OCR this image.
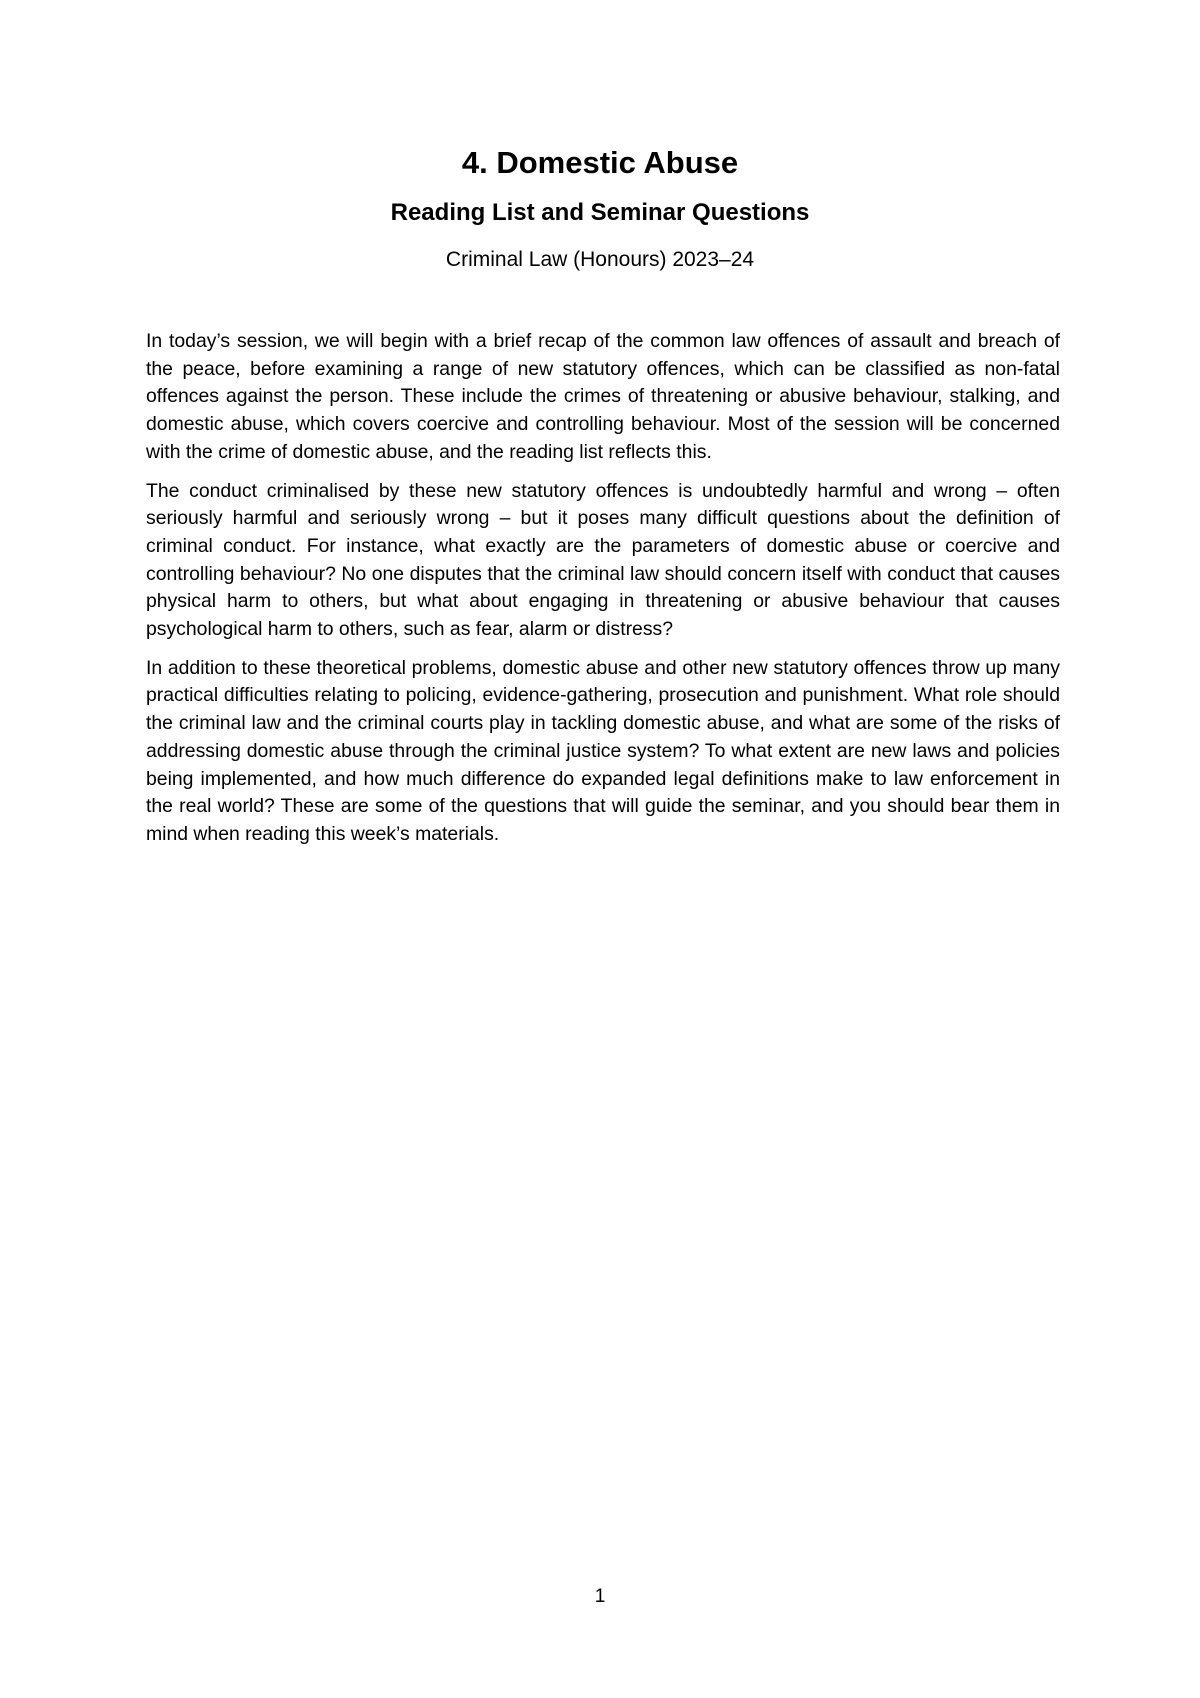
4. Domestic Abuse
Reading List and Seminar Questions
Criminal Law (Honours) 2023–24

In today’s session, we will begin with a brief recap of the common law offences of assault and breach of the peace, before examining a range of new statutory offences, which can be classified as non-fatal offences against the person. These include the crimes of threatening or abusive behaviour, stalking, and domestic abuse, which covers coercive and controlling behaviour. Most of the session will be concerned with the crime of domestic abuse, and the reading list reflects this.

The conduct criminalised by these new statutory offences is undoubtedly harmful and wrong – often seriously harmful and seriously wrong – but it poses many difficult questions about the definition of criminal conduct. For instance, what exactly are the parameters of domestic abuse or coercive and controlling behaviour? No one disputes that the criminal law should concern itself with conduct that causes physical harm to others, but what about engaging in threatening or abusive behaviour that causes psychological harm to others, such as fear, alarm or distress?

In addition to these theoretical problems, domestic abuse and other new statutory offences throw up many practical difficulties relating to policing, evidence-gathering, prosecution and punishment. What role should the criminal law and the criminal courts play in tackling domestic abuse, and what are some of the risks of addressing domestic abuse through the criminal justice system? To what extent are new laws and policies being implemented, and how much difference do expanded legal definitions make to law enforcement in the real world? These are some of the questions that will guide the seminar, and you should bear them in mind when reading this week’s materials.

1
